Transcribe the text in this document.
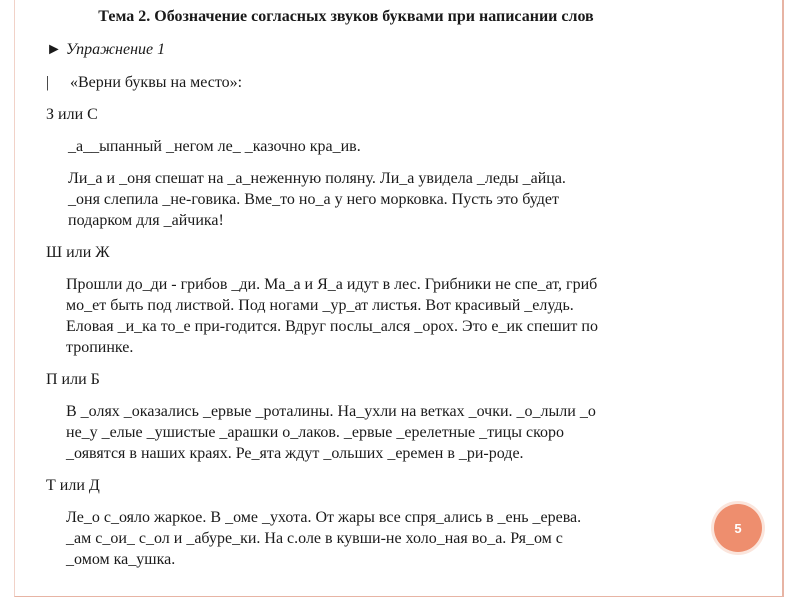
Тема 2. Обозначение согласных звуков буквами при написании слов
► Упражнение 1
| «Верни буквы на место»:
З или С
_а__ыпанный _негом ле_ _казочно кра_ив.
Ли_а и _оня спешат на _а_неженную поляну. Ли_а увидела _леды _айца.
_оня слепила _не-говика. Вме_то но_а у него морковка. Пусть это будет
подарком для _айчика!
Ш или Ж
Прошли до_ди - грибов _ди. Ма_а и Я_а идут в лес. Грибники не спе_ат, гриб
мо_ет быть под листвой. Под ногами _ур_ат листья. Вот красивый _елудь.
Еловая _и_ка то_е при-годится. Вдруг послы_ался _орох. Это е_ик спешит по
тропинке.
П или Б
В _олях _оказались _ервые _роталины. На_ухли на ветках _очки. _о_лыли _о
не_у _елые _ушистые _арашки о_лаков. _ервые _ерелетные _тицы скоро
_оявятся в наших краях. Ре_ята ждут _ольших _еремен в _ри-роде.
Т или Д
Ле_о с_ояло жаркое. В _оме _ухота. От жары все спря_ались в _ень _ерева.
_ам с_ои_ с_ол и _абуре_ки. На с.оле в кувши-не холо_ная во_а. Ря_ом с
_омом ка_ушка.
5
